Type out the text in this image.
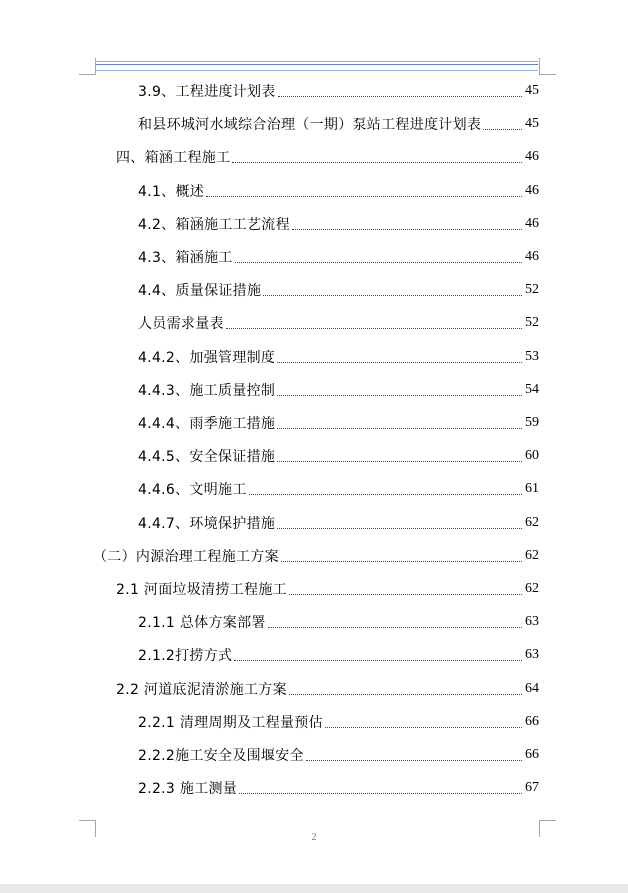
3.9、工程进度计划表	45
和县环城河水域综合治理（一期）泵站工程进度计划表	45
四、箱涵工程施工	46
4.1、概述	46
4.2、箱涵施工工艺流程	46
4.3、箱涵施工	46
4.4、质量保证措施	52
人员需求量表	52
4.4.2、加强管理制度	53
4.4.3、施工质量控制	54
4.4.4、雨季施工措施	59
4.4.5、安全保证措施	60
4.4.6、文明施工	61
4.4.7、环境保护措施	62
（二）内源治理工程施工方案	62
2.1 河面垃圾清捞工程施工	62
2.1.1 总体方案部署	63
2.1.2打捞方式	63
2.2 河道底泥清淤施工方案	64
2.2.1 清理周期及工程量预估	66
2.2.2施工安全及围堰安全	66
2.2.3 施工测量	67
2
